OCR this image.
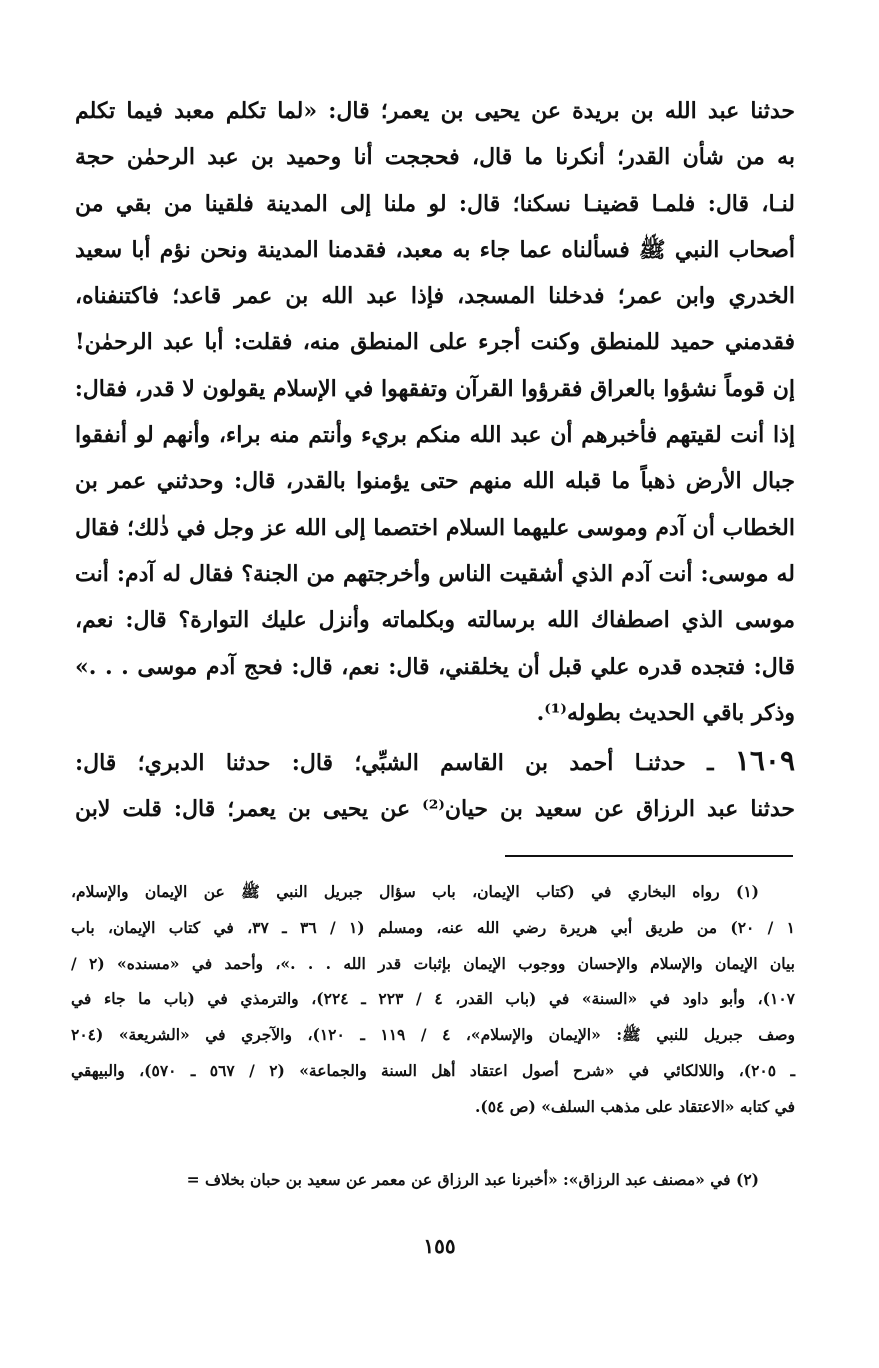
حدثنا عبد الله بن بريدة عن يحيى بن يعمر؛ قال: «لما تكلم معبد فيما تكلم
به من شأن القدر؛ أنكرنا ما قال، فحججت أنا وحميد بن عبد الرحمٰن حجة
لنـا، قال: فلمـا قضينـا نسكنا؛ قال: لو ملنا إلى المدينة فلقينا من بقي من
أصحاب النبي ﷺ فسألناه عما جاء به معبد، فقدمنا المدينة ونحن نؤم أبا سعيد
الخدري وابن عمر؛ فدخلنا المسجد، فإذا عبد الله بن عمر قاعد؛ فاكتنفناه،
فقدمني حميد للمنطق وكنت أجرء على المنطق منه، فقلت: أبا عبد الرحمٰن!
إن قوماً نشؤوا بالعراق فقرؤوا القرآن وتفقهوا في الإسلام يقولون لا قدر، فقال:
إذا أنت لقيتهم فأخبرهم أن عبد الله منكم بريء وأنتم منه براء، وأنهم لو أنفقوا
جبال الأرض ذهباً ما قبله الله منهم حتى يؤمنوا بالقدر، قال: وحدثني عمر بن
الخطاب أن آدم وموسى عليهما السلام اختصما إلى الله عز وجل في ذٰلك؛ فقال
له موسى: أنت آدم الذي أشقيت الناس وأخرجتهم من الجنة؟ فقال له آدم: أنت
موسى الذي اصطفاك الله برسالته وبكلماته وأنزل عليك التوارة؟ قال: نعم،
قال: فتجده قدره علي قبل أن يخلقني، قال: نعم، قال: فحج آدم موسى . . .»
وذكر باقي الحديث بطوله⁽¹⁾.
١٦٠٩ ـ حدثنـا أحمد بن القاسم الشبِّي؛ قال: حدثنا الدبري؛ قال:
حدثنا عبد الرزاق عن سعيد بن حيان⁽²⁾ عن يحيى بن يعمر؛ قال: قلت لابن
(١) رواه البخاري في (كتاب الإيمان، باب سؤال جبريل النبي ﷺ عن الإيمان والإسلام،
١ / ٢٠) من طريق أبي هريرة رضي الله عنه، ومسلم (١ / ٣٦ ـ ٣٧، في كتاب الإيمان، باب
بيان الإيمان والإسلام والإحسان ووجوب الإيمان بإثبات قدر الله . . .»، وأحمد في «مسنده» (٢ /
١٠٧)، وأبو داود في «السنة» في (باب القدر، ٤ / ٢٢٣ ـ ٢٢٤)، والترمذي في (باب ما جاء في
وصف جبريل للنبي ﷺ: «الإيمان والإسلام»، ٤ / ١١٩ ـ ١٢٠)، والآجري في «الشريعة» (٢٠٤
ـ ٢٠٥)، واللالكائي في «شرح أصول اعتقاد أهل السنة والجماعة» (٢ / ٥٦٧ ـ ٥٧٠)، والبيهقي
في كتابه «الاعتقاد على مذهب السلف» (ص ٥٤).
(٢) في «مصنف عبد الرزاق»: «أخبرنا عبد الرزاق عن معمر عن سعيد بن حبان بخلاف =
١٥٥
